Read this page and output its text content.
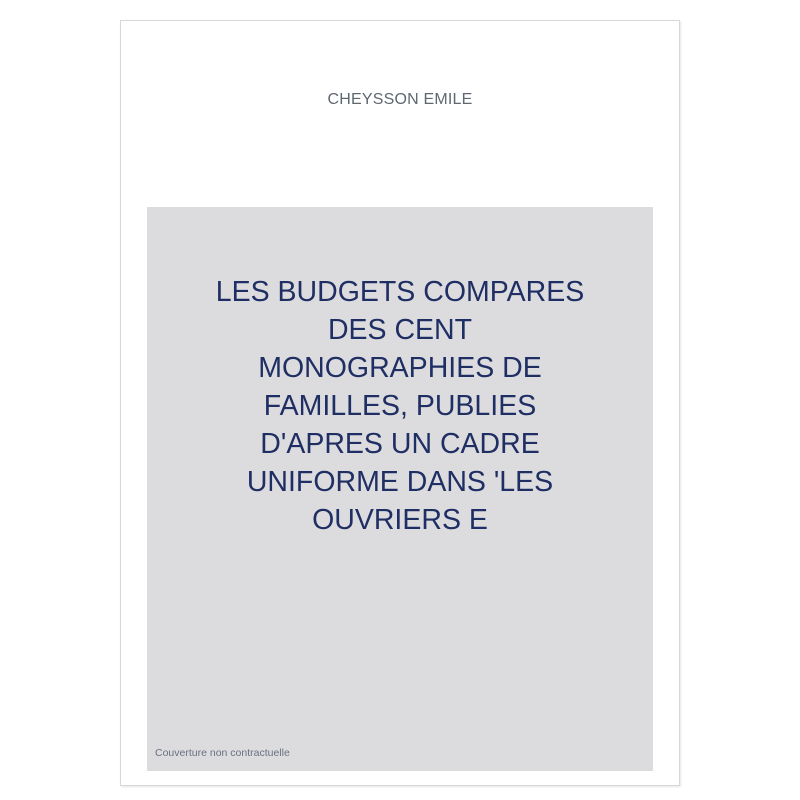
CHEYSSON EMILE
LES BUDGETS COMPARES
DES CENT
MONOGRAPHIES DE
FAMILLES, PUBLIES
D'APRES UN CADRE
UNIFORME DANS 'LES
OUVRIERS E
Couverture non contractuelle
